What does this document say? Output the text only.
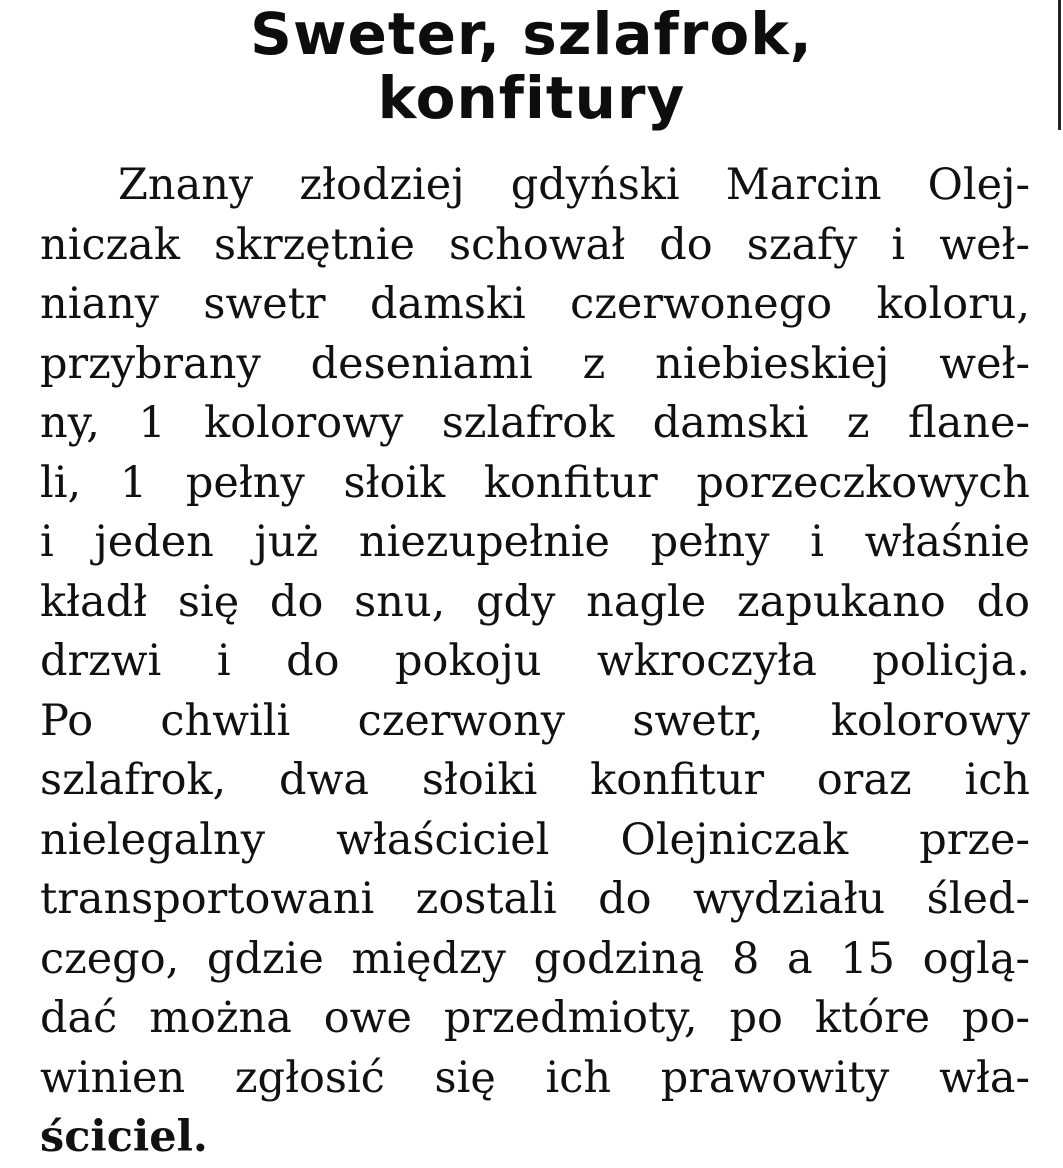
Sweter, szlafrok,
konfitury
Znany złodziej gdyński Marcin Olej-
niczak skrzętnie schował do szafy i weł-
niany swetr damski czerwonego koloru,
przybrany deseniami z niebieskiej weł-
ny, 1 kolorowy szlafrok damski z flane-
li, 1 pełny słoik konfitur porzeczkowych
i jeden już niezupełnie pełny i właśnie
kładł się do snu, gdy nagle zapukano do
drzwi i do pokoju wkroczyła policja.
Po chwili czerwony swetr, kolorowy
szlafrok, dwa słoiki konfitur oraz ich
nielegalny właściciel Olejniczak prze-
transportowani zostali do wydziału śled-
czego, gdzie między godziną 8 a 15 oglą-
dać można owe przedmioty, po które po-
winien zgłosić się ich prawowity wła-
ściciel.
